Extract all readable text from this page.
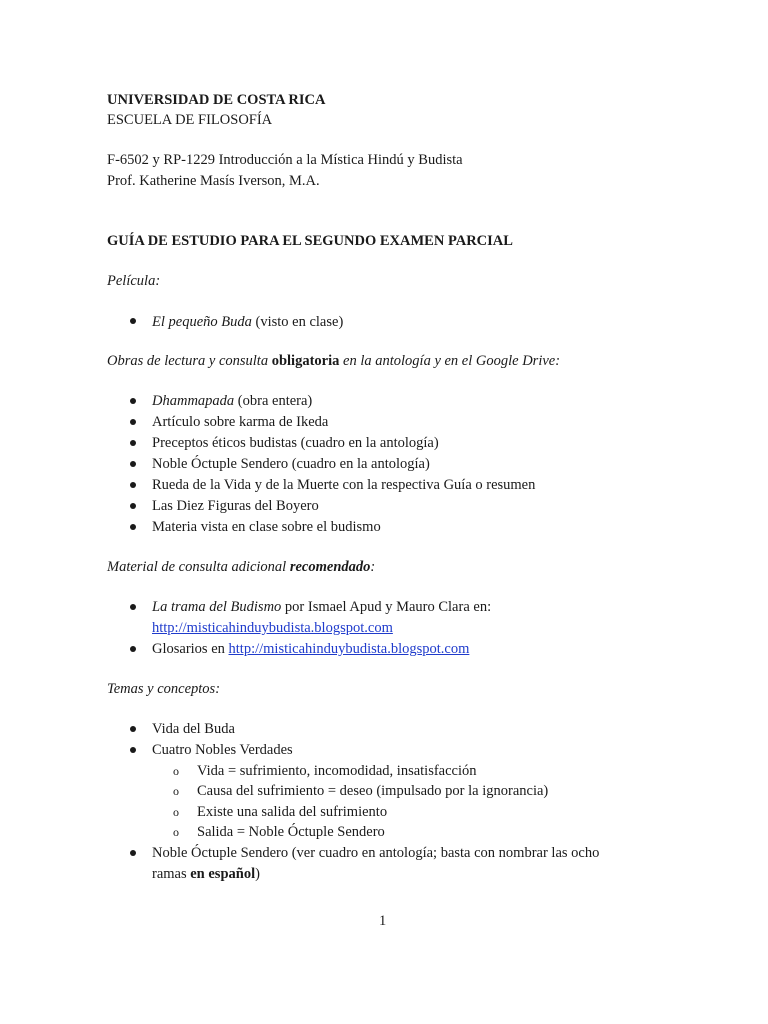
UNIVERSIDAD DE COSTA RICA
ESCUELA DE FILOSOFÍA
F-6502 y RP-1229 Introducción a la Mística Hindú y Budista
Prof. Katherine Masís Iverson, M.A.
GUÍA DE ESTUDIO PARA EL SEGUNDO EXAMEN PARCIAL
Película:
El pequeño Buda (visto en clase)
Obras de lectura y consulta obligatoria en la antología y en el Google Drive:
Dhammapada (obra entera)
Artículo sobre karma de Ikeda
Preceptos éticos budistas (cuadro en la antología)
Noble Óctuple Sendero (cuadro en la antología)
Rueda de la Vida y de la Muerte con la respectiva Guía o resumen
Las Diez Figuras del Boyero
Materia vista en clase sobre el budismo
Material de consulta adicional recomendado:
La trama del Budismo por Ismael Apud y Mauro Clara en:
http://misticahinduybudista.blogspot.com
Glosarios en http://misticahinduybudista.blogspot.com
Temas y conceptos:
Vida del Buda
Cuatro Nobles Verdades
o Vida = sufrimiento, incomodidad, insatisfacción
o Causa del sufrimiento = deseo (impulsado por la ignorancia)
o Existe una salida del sufrimiento
o Salida = Noble Óctuple Sendero
Noble Óctuple Sendero (ver cuadro en antología; basta con nombrar las ocho
ramas en español)
1
